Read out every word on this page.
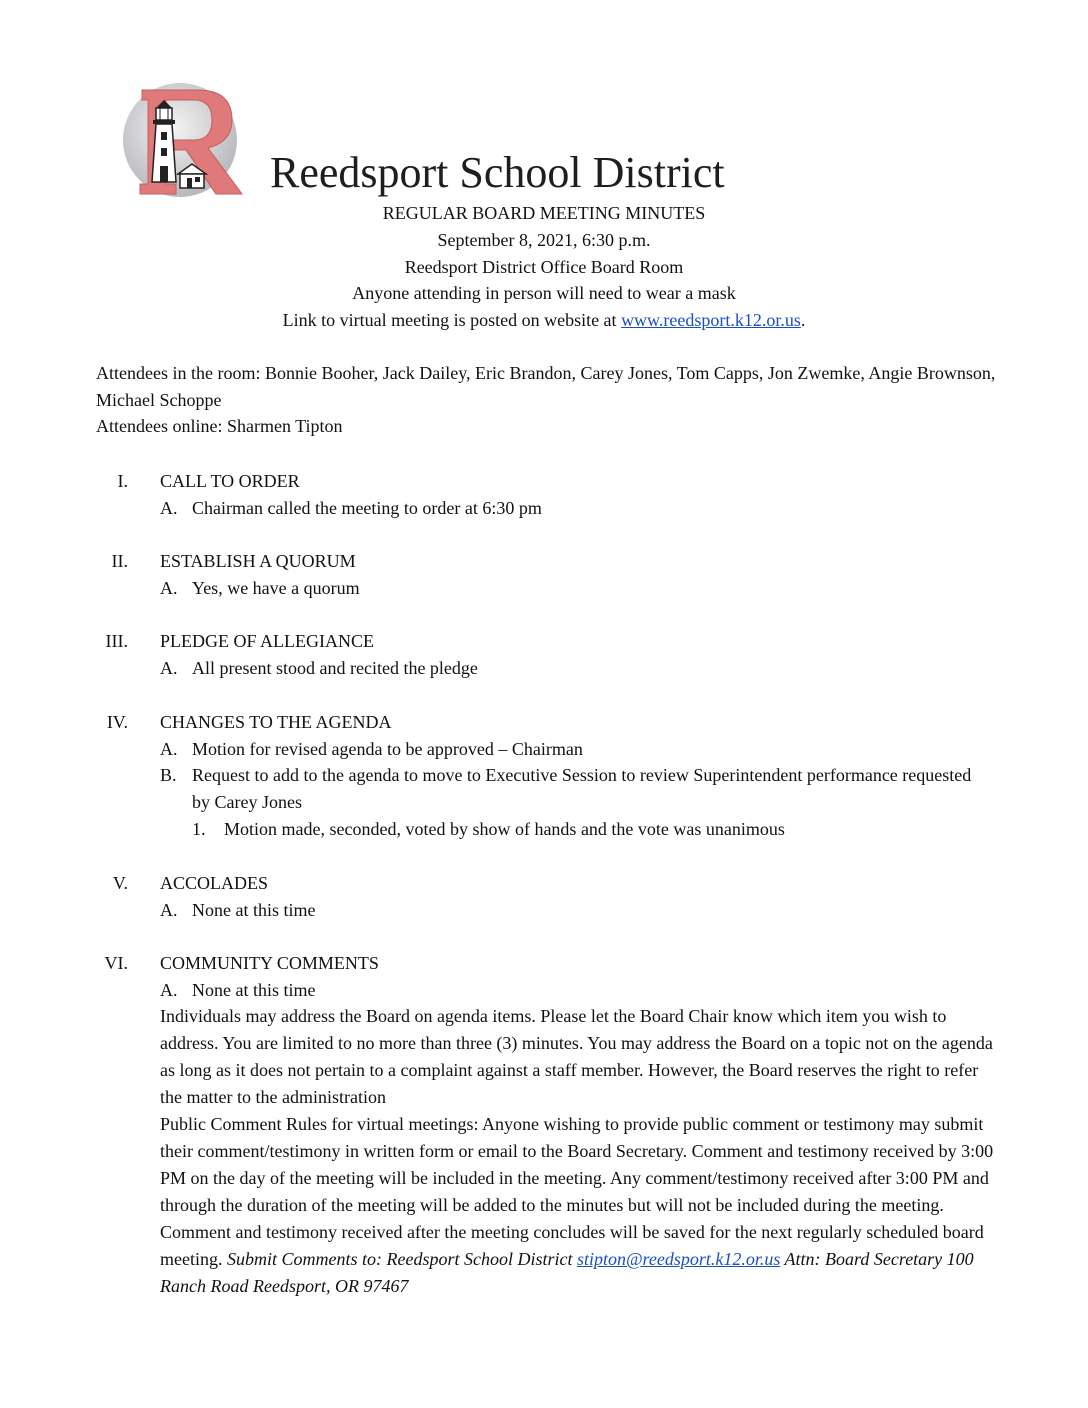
Reedsport School District
REGULAR BOARD MEETING MINUTES
September 8, 2021, 6:30 p.m.
Reedsport District Office Board Room
Anyone attending in person will need to wear a mask
Link to virtual meeting is posted on website at www.reedsport.k12.or.us.
Attendees in the room: Bonnie Booher, Jack Dailey, Eric Brandon, Carey Jones, Tom Capps, Jon Zwemke, Angie Brownson, Michael Schoppe
Attendees online: Sharmen Tipton
I. CALL TO ORDER
A. Chairman called the meeting to order at 6:30 pm
II. ESTABLISH A QUORUM
A. Yes, we have a quorum
III. PLEDGE OF ALLEGIANCE
A. All present stood and recited the pledge
IV. CHANGES TO THE AGENDA
A. Motion for revised agenda to be approved – Chairman
B. Request to add to the agenda to move to Executive Session to review Superintendent performance requested by Carey Jones
1. Motion made, seconded, voted by show of hands and the vote was unanimous
V. ACCOLADES
A. None at this time
VI. COMMUNITY COMMENTS
A. None at this time
Individuals may address the Board on agenda items. Please let the Board Chair know which item you wish to address. You are limited to no more than three (3) minutes. You may address the Board on a topic not on the agenda as long as it does not pertain to a complaint against a staff member. However, the Board reserves the right to refer the matter to the administration
Public Comment Rules for virtual meetings: Anyone wishing to provide public comment or testimony may submit their comment/testimony in written form or email to the Board Secretary. Comment and testimony received by 3:00 PM on the day of the meeting will be included in the meeting. Any comment/testimony received after 3:00 PM and through the duration of the meeting will be added to the minutes but will not be included during the meeting. Comment and testimony received after the meeting concludes will be saved for the next regularly scheduled board meeting. Submit Comments to: Reedsport School District stipton@reedsport.k12.or.us Attn: Board Secretary 100 Ranch Road Reedsport, OR 97467
